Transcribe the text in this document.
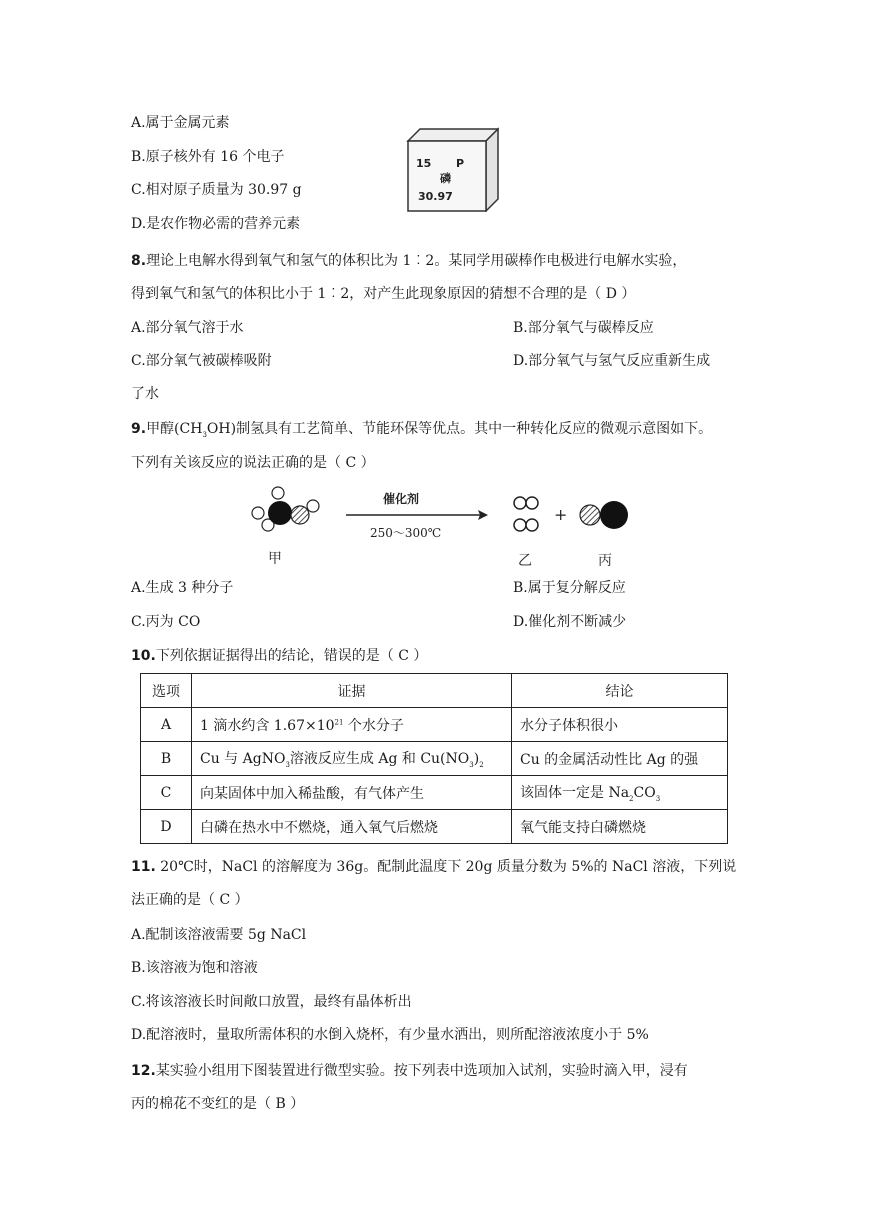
A.属于金属元素
B.原子核外有 16 个电子
C.相对原子质量为 30.97 g
D.是农作物必需的营养元素
15 P
磷
30.97
8.理论上电解水得到氧气和氢气的体积比为 1︰2。某同学用碳棒作电极进行电解水实验，
得到氧气和氢气的体积比小于 1︰2，对产生此现象原因的猜想不合理的是（ D ）
A.部分氧气溶于水	B.部分氧气与碳棒反应
C.部分氧气被碳棒吸附	D.部分氧气与氢气反应重新生成
了水
9.甲醇$(CH_3OH)$制氢具有工艺简单、节能环保等优点。其中一种转化反应的微观示意图如下。
下列有关该反应的说法正确的是（ C ）
甲
催化剂
250～300℃
乙
+
丙
A.生成 3 种分子	B.属于复分解反应
C.丙为 CO	D.催化剂不断减少
10.下列依据证据得出的结论，错误的是（ C ）
选项	证据	结论
A	1 滴水约含 $1.67\times 10^{21}$ 个水分子	水分子体积很小
B	Cu 与 AgNO$_3$溶液反应生成 Ag 和 $Cu(NO_3)_2$	Cu 的金属活动性比 Ag 的强
C	向某固体中加入稀盐酸，有气体产生	该固体一定是 $Na_2CO_3$
D	白磷在热水中不燃烧，通入氧气后燃烧	氧气能支持白磷燃烧
11. 20℃时，NaCl 的溶解度为 36g。配制此温度下 20g 质量分数为 5%的 NaCl 溶液，下列说
法正确的是（ C ）
A.配制该溶液需要 5g NaCl
B.该溶液为饱和溶液
C.将该溶液长时间敞口放置，最终有晶体析出
D.配溶液时，量取所需体积的水倒入烧杯，有少量水洒出，则所配溶液浓度小于 5%
12.某实验小组用下图装置进行微型实验。按下列表中选项加入试剂，实验时滴入甲，浸有
丙的棉花不变红的是（ B ）
